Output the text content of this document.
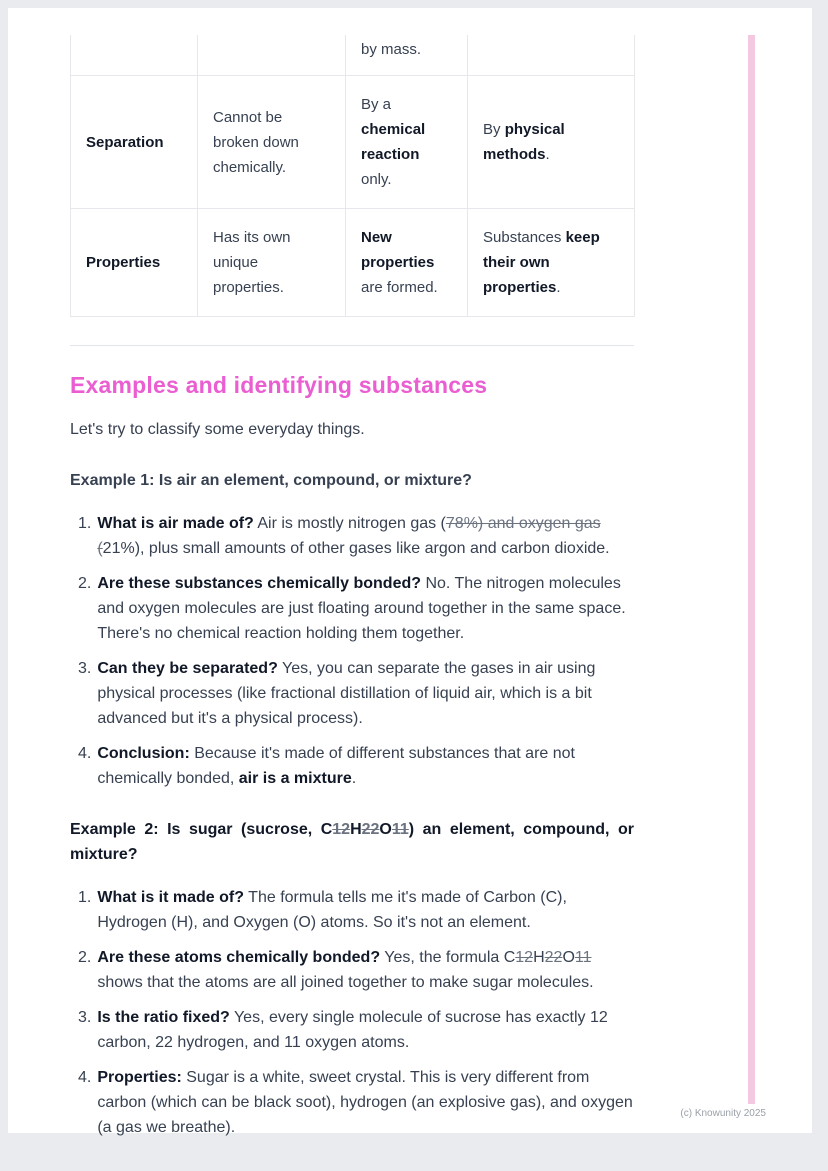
		by mass.	
Separation	Cannot be broken down chemically.	By a chemical reaction only.	By physical methods.
Properties	Has its own unique properties.	New properties are formed.	Substances keep their own properties.
Examples and identifying substances

Let's try to classify some everyday things.

Example 1: Is air an element, compound, or mixture?

1. What is air made of? Air is mostly nitrogen gas (78%) and oxygen gas (21%), plus small amounts of other gases like argon and carbon dioxide.
2. Are these substances chemically bonded? No. The nitrogen molecules and oxygen molecules are just floating around together in the same space. There's no chemical reaction holding them together.
3. Can they be separated? Yes, you can separate the gases in air using physical processes (like fractional distillation of liquid air, which is a bit advanced but it's a physical process).
4. Conclusion: Because it's made of different substances that are not chemically bonded, air is a mixture.

Example 2: Is sugar (sucrose, C12H22O11) an element, compound, or mixture?

1. What is it made of? The formula tells me it's made of Carbon (C), Hydrogen (H), and Oxygen (O) atoms. So it's not an element.
2. Are these atoms chemically bonded? Yes, the formula C12H22O11 shows that the atoms are all joined together to make sugar molecules.
3. Is the ratio fixed? Yes, every single molecule of sucrose has exactly 12 carbon, 22 hydrogen, and 11 oxygen atoms.
4. Properties: Sugar is a white, sweet crystal. This is very different from carbon (which can be black soot), hydrogen (an explosive gas), and oxygen (a gas we breathe).
(c) Knowunity 2025
